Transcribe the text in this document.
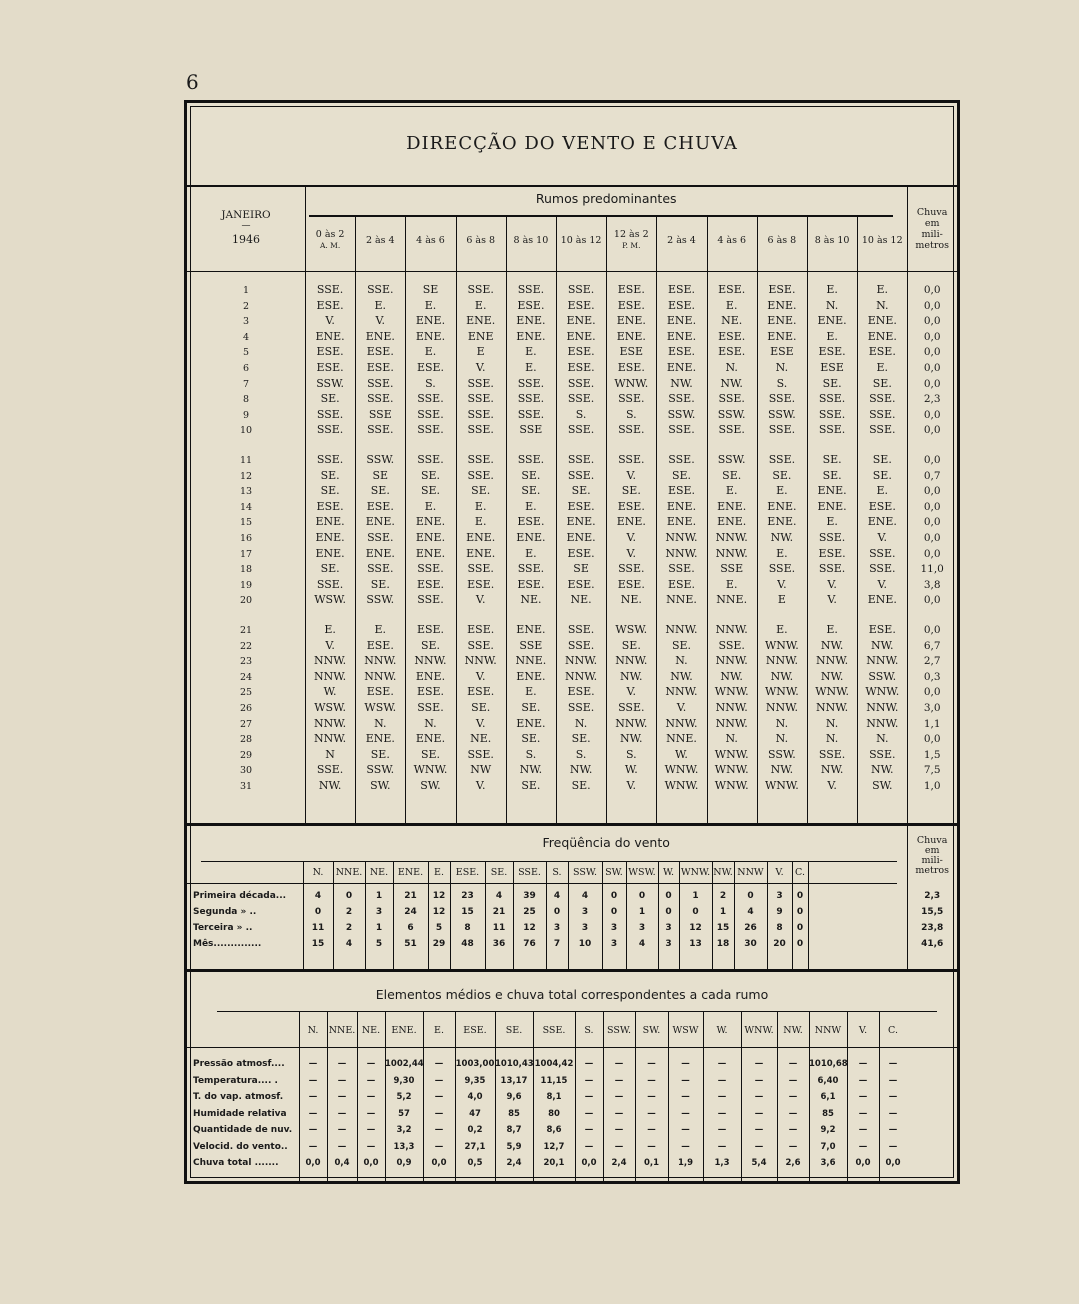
6
DIRECÇÃO DO VENTO E CHUVA
Rumos predominantes
JANEIRO
—
1946
Chuva
em
mili-
metros
0 às 2
A. M.	2 às 4	4 às 6	6 às 8	8 às 10	10 às 12
12 às 2
P. M.	2 às 4	4 às 6	6 às 8	8 às 10	10 às 12
1	SSE.	SSE.	SE	SSE.	SSE.	SSE.	ESE.	ESE.	ESE.	ESE.	E.	E.	0,0
2	ESE.	E.	E.	E.	ESE.	ESE.	ESE.	ESE.	E.	ENE.	N.	N.	0,0
3	V.	V.	ENE.	ENE.	ENE.	ENE.	ENE.	ENE.	NE.	ENE.	ENE.	ENE.	0,0
4	ENE.	ENE.	ENE.	ENE	ENE.	ENE.	ENE.	ENE.	ESE.	ENE.	E.	ENE.	0,0
5	ESE.	ESE.	E.	E	E.	ESE.	ESE	ESE.	ESE.	ESE	ESE.	ESE.	0,0
6	ESE.	ESE.	ESE.	V.	E.	ESE.	ESE.	ENE.	N.	N.	ESE	E.	0,0
7	SSW.	SSE.	S.	SSE.	SSE.	SSE.	WNW.	NW.	NW.	S.	SE.	SE.	0,0
8	SE.	SSE.	SSE.	SSE.	SSE.	SSE.	SSE.	SSE.	SSE.	SSE.	SSE.	SSE.	2,3
9	SSE.	SSE	SSE.	SSE.	SSE.	S.	S.	SSW.	SSW.	SSW.	SSE.	SSE.	0,0
10	SSE.	SSE.	SSE.	SSE.	SSE	SSE.	SSE.	SSE.	SSE.	SSE.	SSE.	SSE.	0,0
11	SSE.	SSW.	SSE.	SSE.	SSE.	SSE.	SSE.	SSE.	SSW.	SSE.	SE.	SE.	0,0
12	SE.	SE	SE.	SSE.	SE.	SSE.	V.	SE.	SE.	SE.	SE.	SE.	0,7
13	SE.	SE.	SE.	SE.	SE.	SE.	SE.	ESE.	E.	E.	ENE.	E.	0,0
14	ESE.	ESE.	E.	E.	E.	ESE.	ESE.	ENE.	ENE.	ENE.	ENE.	ESE.	0,0
15	ENE.	ENE.	ENE.	E.	ESE.	ENE.	ENE.	ENE.	ENE.	ENE.	E.	ENE.	0,0
16	ENE.	SSE.	ENE.	ENE.	ENE.	ENE.	V.	NNW.	NNW.	NW.	SSE.	V.	0,0
17	ENE.	ENE.	ENE.	ENE.	E.	ESE.	V.	NNW.	NNW.	E.	ESE.	SSE.	0,0
18	SE.	SSE.	SSE.	SSE.	SSE.	SE	SSE.	SSE.	SSE	SSE.	SSE.	SSE.	11,0
19	SSE.	SE.	ESE.	ESE.	ESE.	ESE.	ESE.	ESE.	E.	V.	V.	V.	3,8
20	WSW.	SSW.	SSE.	V.	NE.	NE.	NE.	NNE.	NNE.	E	V.	ENE.	0,0
21	E.	E.	ESE.	ESE.	ENE.	SSE.	WSW.	NNW.	NNW.	E.	E.	ESE.	0,0
22	V.	ESE.	SE.	SSE.	SSE	SSE.	SE.	SE.	SSE.	WNW.	NW.	NW.	6,7
23	NNW.	NNW.	NNW.	NNW.	NNE.	NNW.	NNW.	N.	NNW.	NNW.	NNW.	NNW.	2,7
24	NNW.	NNW.	ENE.	V.	ENE.	NNW.	NW.	NW.	NW.	NW.	NW.	SSW.	0,3
25	W.	ESE.	ESE.	ESE.	E.	ESE.	V.	NNW.	WNW.	WNW.	WNW.	WNW.	0,0
26	WSW.	WSW.	SSE.	SE.	SE.	SSE.	SSE.	V.	NNW.	NNW.	NNW.	NNW.	3,0
27	NNW.	N.	N.	V.	ENE.	N.	NNW.	NNW.	NNW.	N.	N.	NNW.	1,1
28	NNW.	ENE.	ENE.	NE.	SE.	SE.	NW.	NNE.	N.	N.	N.	N.	0,0
29	N	SE.	SE.	SSE.	S.	S.	S.	W.	WNW.	SSW.	SSE.	SSE.	1,5
30	SSE.	SSW.	WNW.	NW	NW.	NW.	W.	WNW.	WNW.	NW.	NW.	NW.	7,5
31	NW.	SW.	SW.	V.	SE.	SE.	V.	WNW.	WNW.	WNW.	V.	SW.	1,0
Freqüência do vento	Chuva
em
mili-
metros
N.	NNE. NE.	ENE.	E.	ESE.	SE.	SSE.	S.	SSW. SW. WSW. W. WNW. NW. NNW	V.	C.
Primeira década...	4	0	1	21	12	23	4	39	4	4	0	0	0	1	2	0	3	0	2,3
Segunda » ..	0	2	3	24	12	15	21	25	0	3	0	1	0	0	1	4	9	0	15,5
Terceira » ..	11	2	1	6	5	8	11	12	3	3	3	3	3	12	15	26	8	0	23,8
Mês..............	15	4	5	51	29	48	36	76	7	10	3	4	3	13	18	30	20	0	41,6
Elementos médios e chuva total correspondentes a cada rumo
N.	NNE. NE.	ENE.	E.	ESE.	SE.	SSE.	S.	SSW.	SW.	WSW	W.	WNW.	NW.	NNW	V.	C.
Pressão atmosf....	—	—	—	1002,44	—	1003,00 1010,43 1004,42	—	—	—	—	—	—	—	1010,68	—	—
Temperatura.... .	—	—	—	9,30	—	9,35	13,17	11,15	—	—	—	—	—	—	—	6,40	—	—
T. do vap. atmosf.	—	—	—	5,2	—	4,0	9,6	8,1	—	—	—	—	—	—	—	6,1	—	—
Humidade relativa	—	—	—	57	—	47	85	80	—	—	—	—	—	—	—	85	—	—
Quantidade de nuv.	—	—	—	3,2	—	0,2	8,7	8,6	—	—	—	—	—	—	—	9,2	—	—
Velocid. do vento..	—	—	—	13,3	—	27,1	5,9	12,7	—	—	—	—	—	—	—	7,0	—	—
Chuva total .......	0,0	0,4	0,0	0,9	0,0	0,5	2,4	20,1	0,0	2,4	0,1	1,9	1,3	5,4	2,6	3,6	0,0	0,0
